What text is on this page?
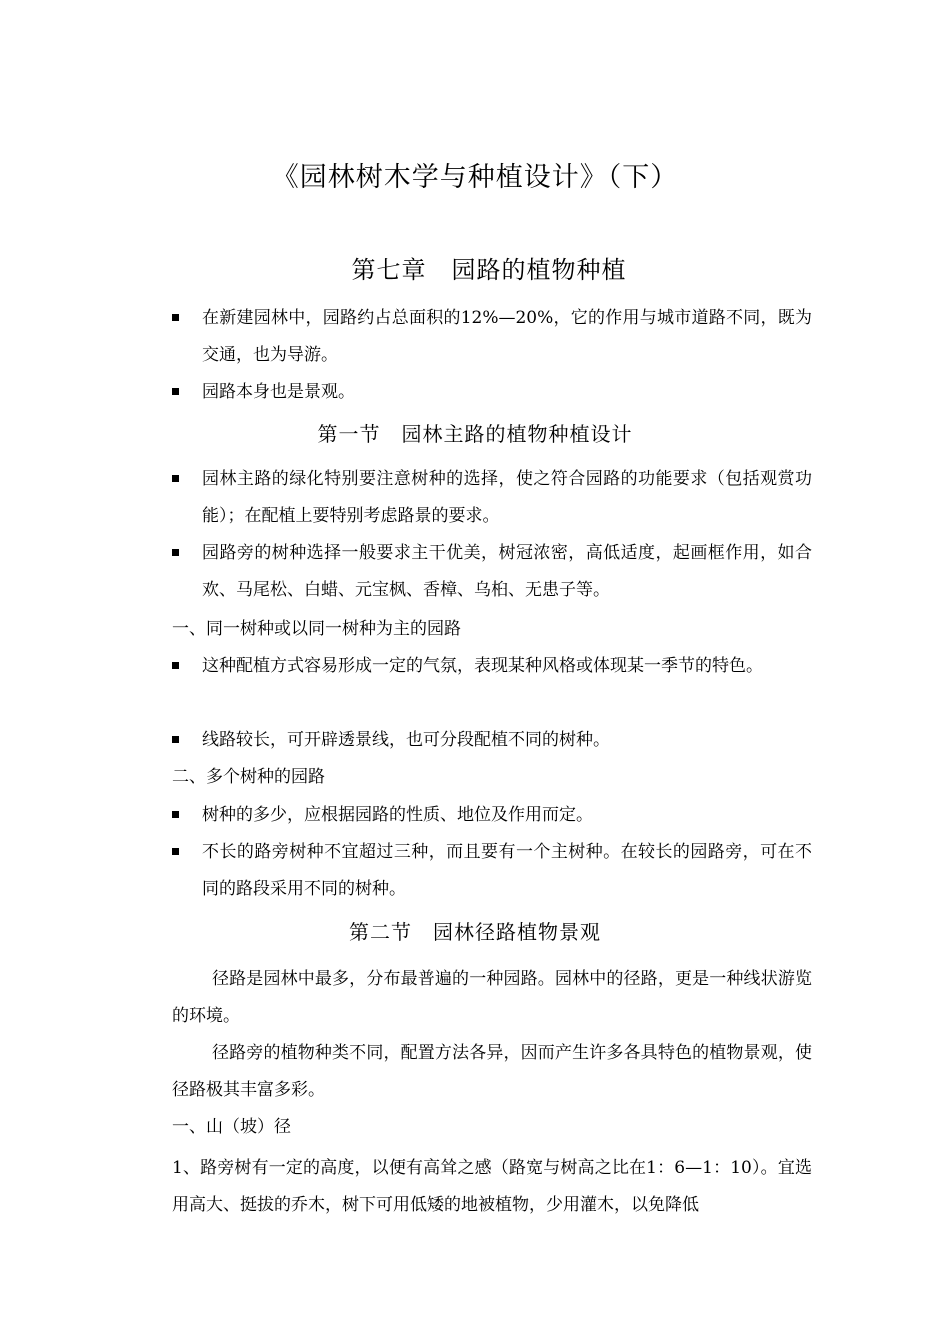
《园林树木学与种植设计》（下）
第七章　园路的植物种植
在新建园林中，园路约占总面积的12%—20%，它的作用与城市道路不同，既为交通，也为导游。
园路本身也是景观。
第一节　园林主路的植物种植设计
园林主路的绿化特别要注意树种的选择，使之符合园路的功能要求（包括观赏功能）；在配植上要特别考虑路景的要求。
园路旁的树种选择一般要求主干优美，树冠浓密，高低适度，起画框作用，如合欢、马尾松、白蜡、元宝枫、香樟、乌桕、无患子等。
一、同一树种或以同一树种为主的园路
这种配植方式容易形成一定的气氛，表现某种风格或体现某一季节的特色。
线路较长，可开辟透景线，也可分段配植不同的树种。
二、多个树种的园路
树种的多少，应根据园路的性质、地位及作用而定。
不长的路旁树种不宜超过三种，而且要有一个主树种。在较长的园路旁，可在不同的路段采用不同的树种。
第二节　园林径路植物景观
径路是园林中最多，分布最普遍的一种园路。园林中的径路，更是一种线状游览的环境。
径路旁的植物种类不同，配置方法各异，因而产生许多各具特色的植物景观，使径路极其丰富多彩。
一、山（坡）径
1、路旁树有一定的高度，以便有高耸之感（路宽与树高之比在1：6—1：10）。宜选用高大、挺拔的乔木，树下可用低矮的地被植物，少用灌木，以免降低
